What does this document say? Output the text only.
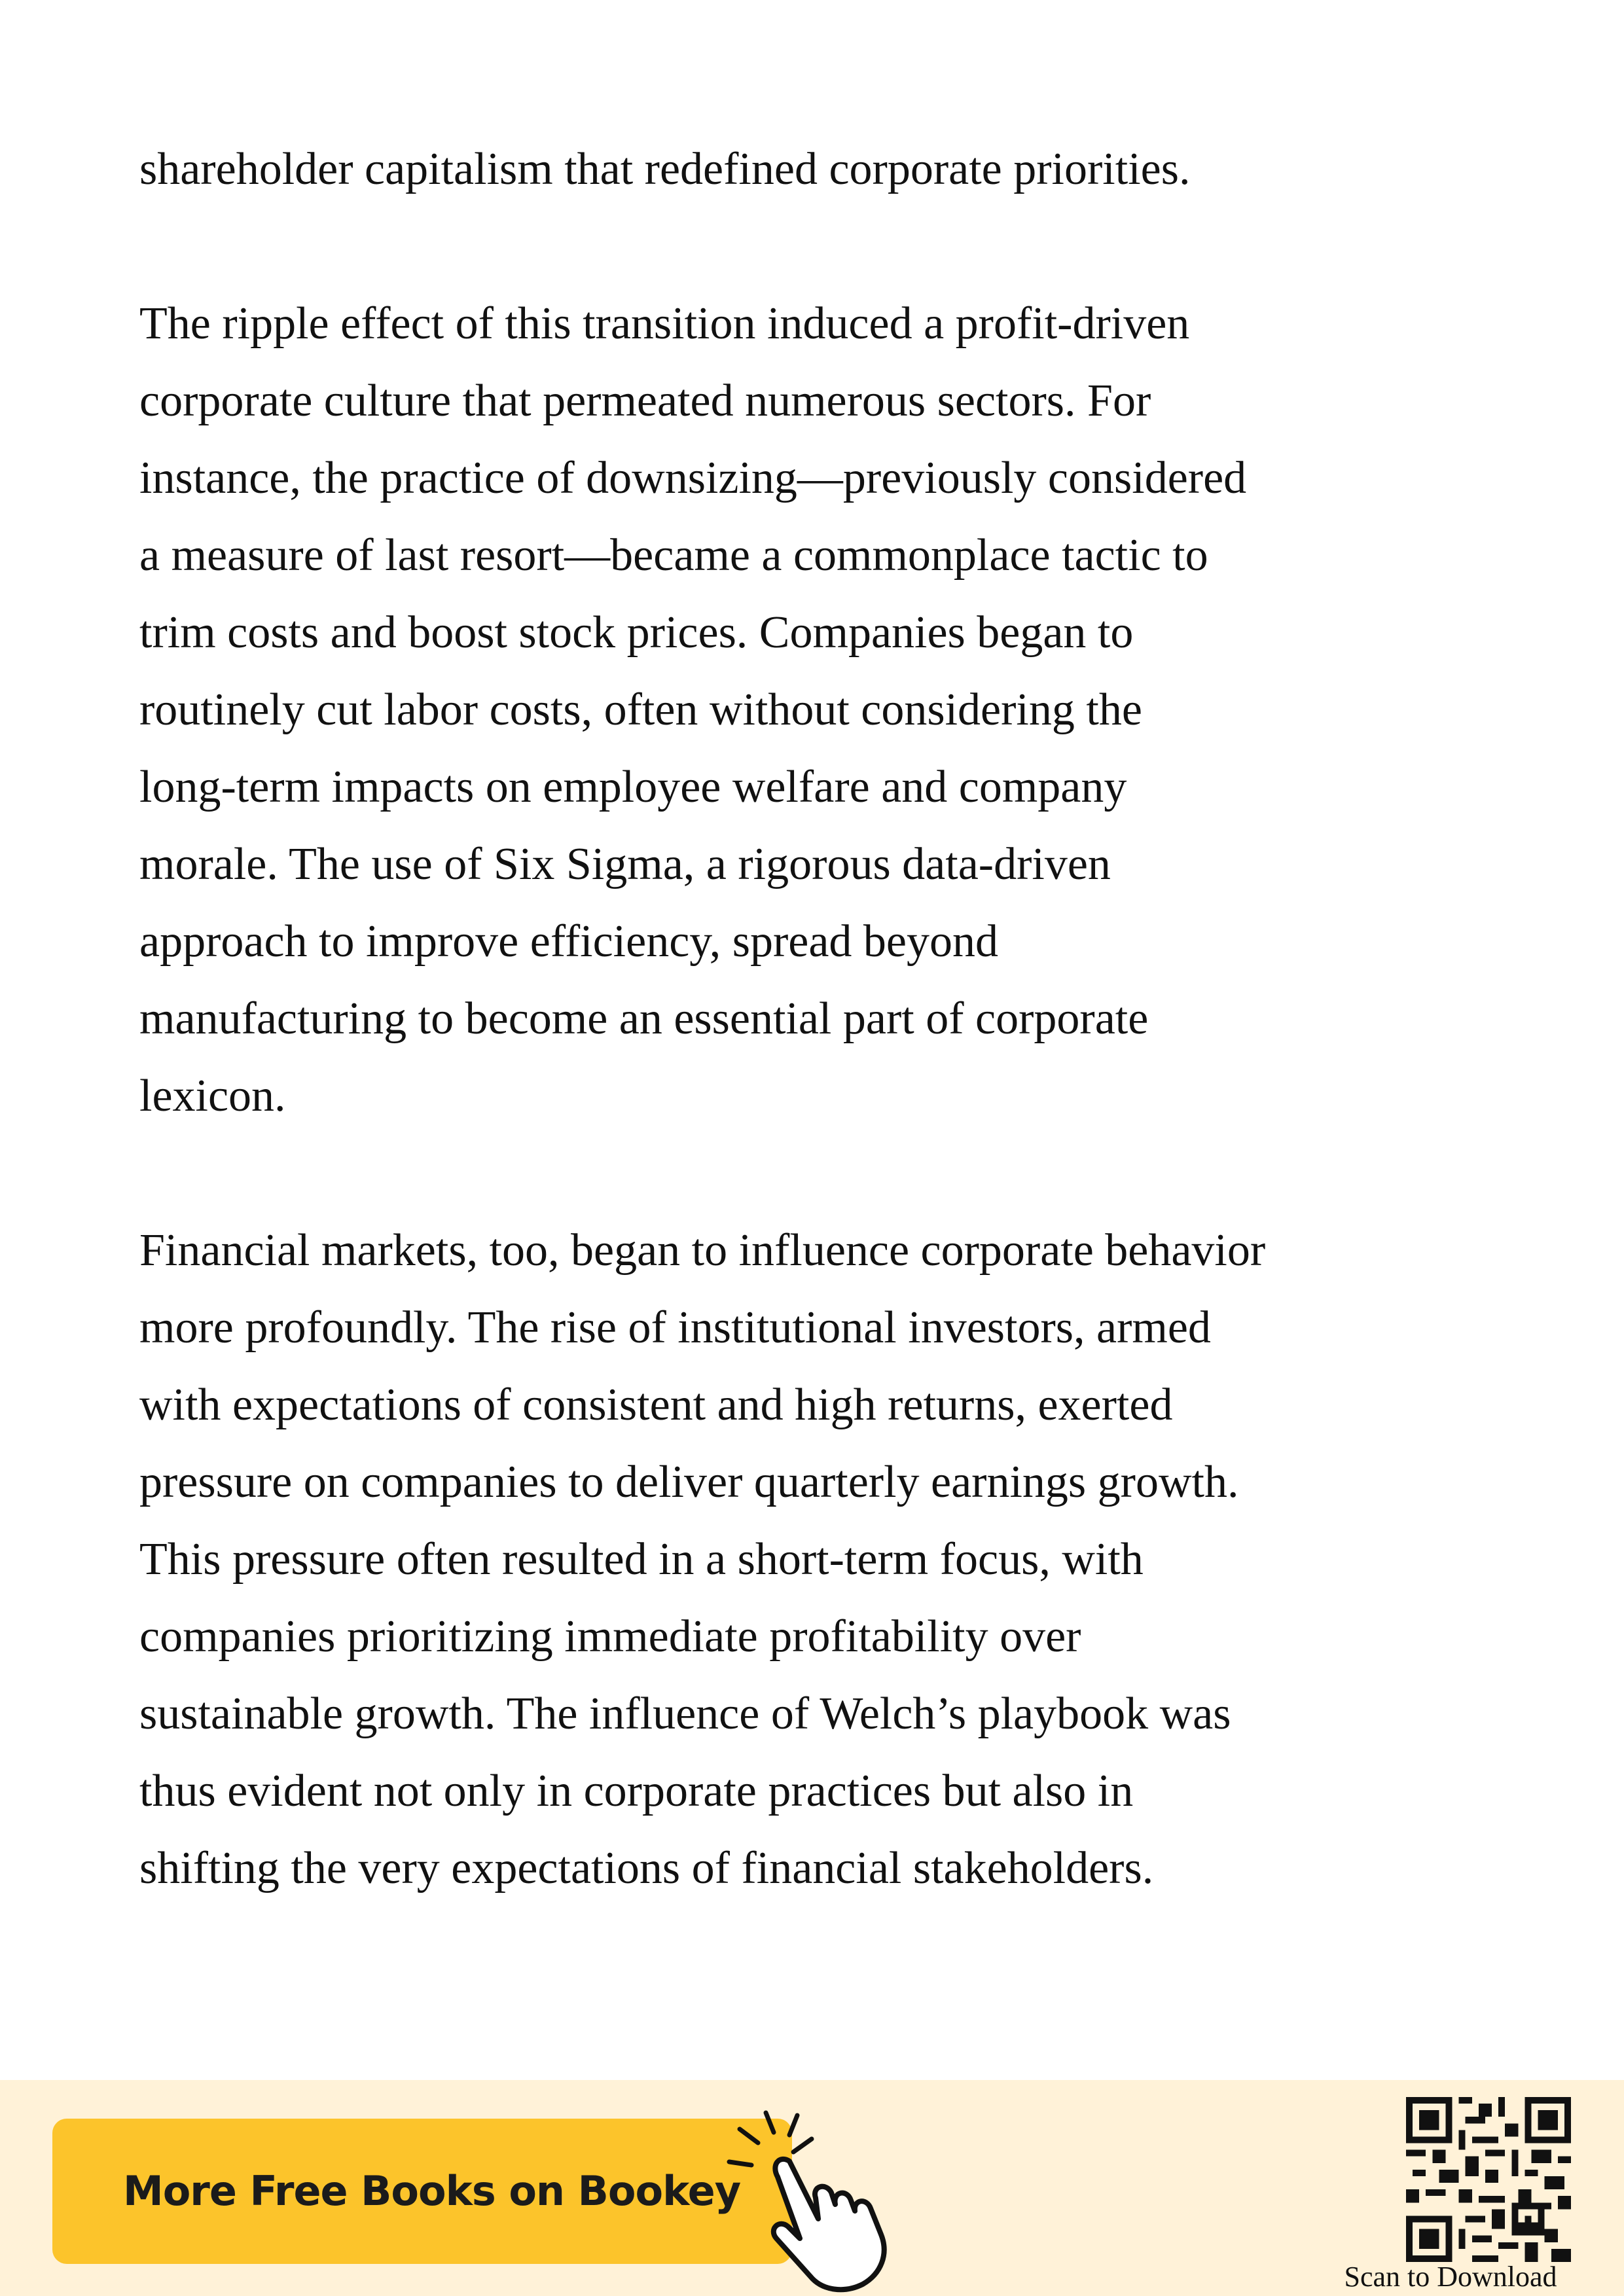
shareholder capitalism that redefined corporate priorities.

The ripple effect of this transition induced a profit-driven
corporate culture that permeated numerous sectors. For
instance, the practice of downsizing—previously considered
a measure of last resort—became a commonplace tactic to
trim costs and boost stock prices. Companies began to
routinely cut labor costs, often without considering the
long-term impacts on employee welfare and company
morale. The use of Six Sigma, a rigorous data-driven
approach to improve efficiency, spread beyond
manufacturing to become an essential part of corporate
lexicon.

Financial markets, too, began to influence corporate behavior
more profoundly. The rise of institutional investors, armed
with expectations of consistent and high returns, exerted
pressure on companies to deliver quarterly earnings growth.
This pressure often resulted in a short-term focus, with
companies prioritizing immediate profitability over
sustainable growth. The influence of Welch’s playbook was
thus evident not only in corporate practices but also in
shifting the very expectations of financial stakeholders.

More Free Books on Bookey
Scan to Download
